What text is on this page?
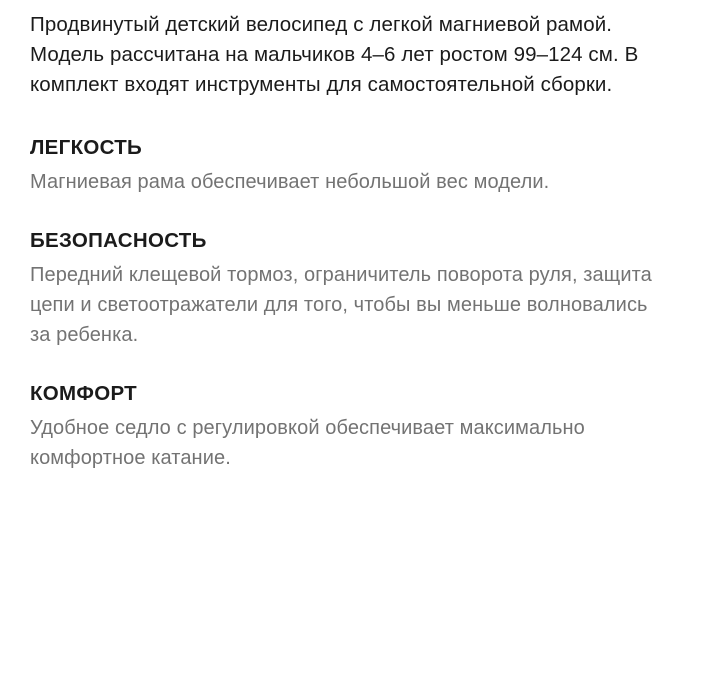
Продвинутый детский велосипед с легкой магниевой рамой. Модель рассчитана на мальчиков 4–6 лет ростом 99–124 см. В комплект входят инструменты для самостоятельной сборки.

ЛЕГКОСТЬ

Магниевая рама обеспечивает небольшой вес модели.

БЕЗОПАСНОСТЬ

Передний клещевой тормоз, ограничитель поворота руля, защита цепи и светоотражатели для того, чтобы вы меньше волновались за ребенка.

КОМФОРТ

Удобное седло с регулировкой обеспечивает максимально комфортное катание.
